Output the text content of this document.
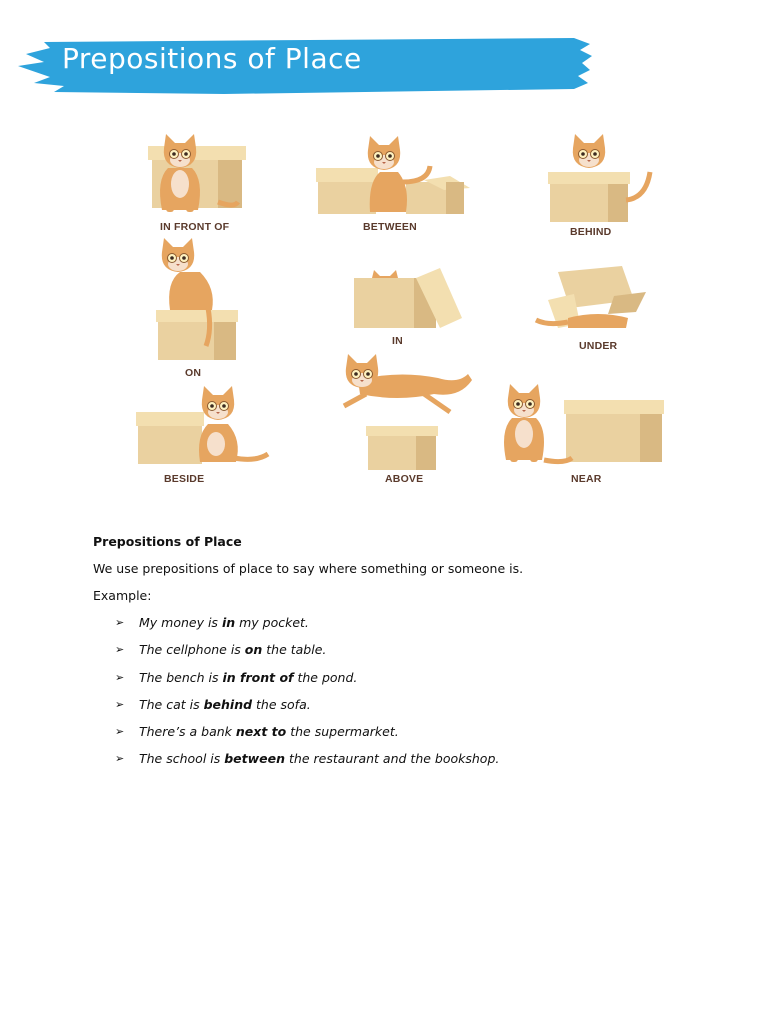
Prepositions of Place
IN FRONT OF	BETWEEN	BEHIND
ON
IN	UNDER
BESIDE	ABOVE	NEAR

Prepositions of Place

We use prepositions of place to say where something or someone is.

Example:

➢ My money is in my pocket.
➢ The cellphone is on the table.
➢ The bench is in front of the pond.
➢ The cat is behind the sofa.
➢ There’s a bank next to the supermarket.
➢ The school is between the restaurant and the bookshop.
